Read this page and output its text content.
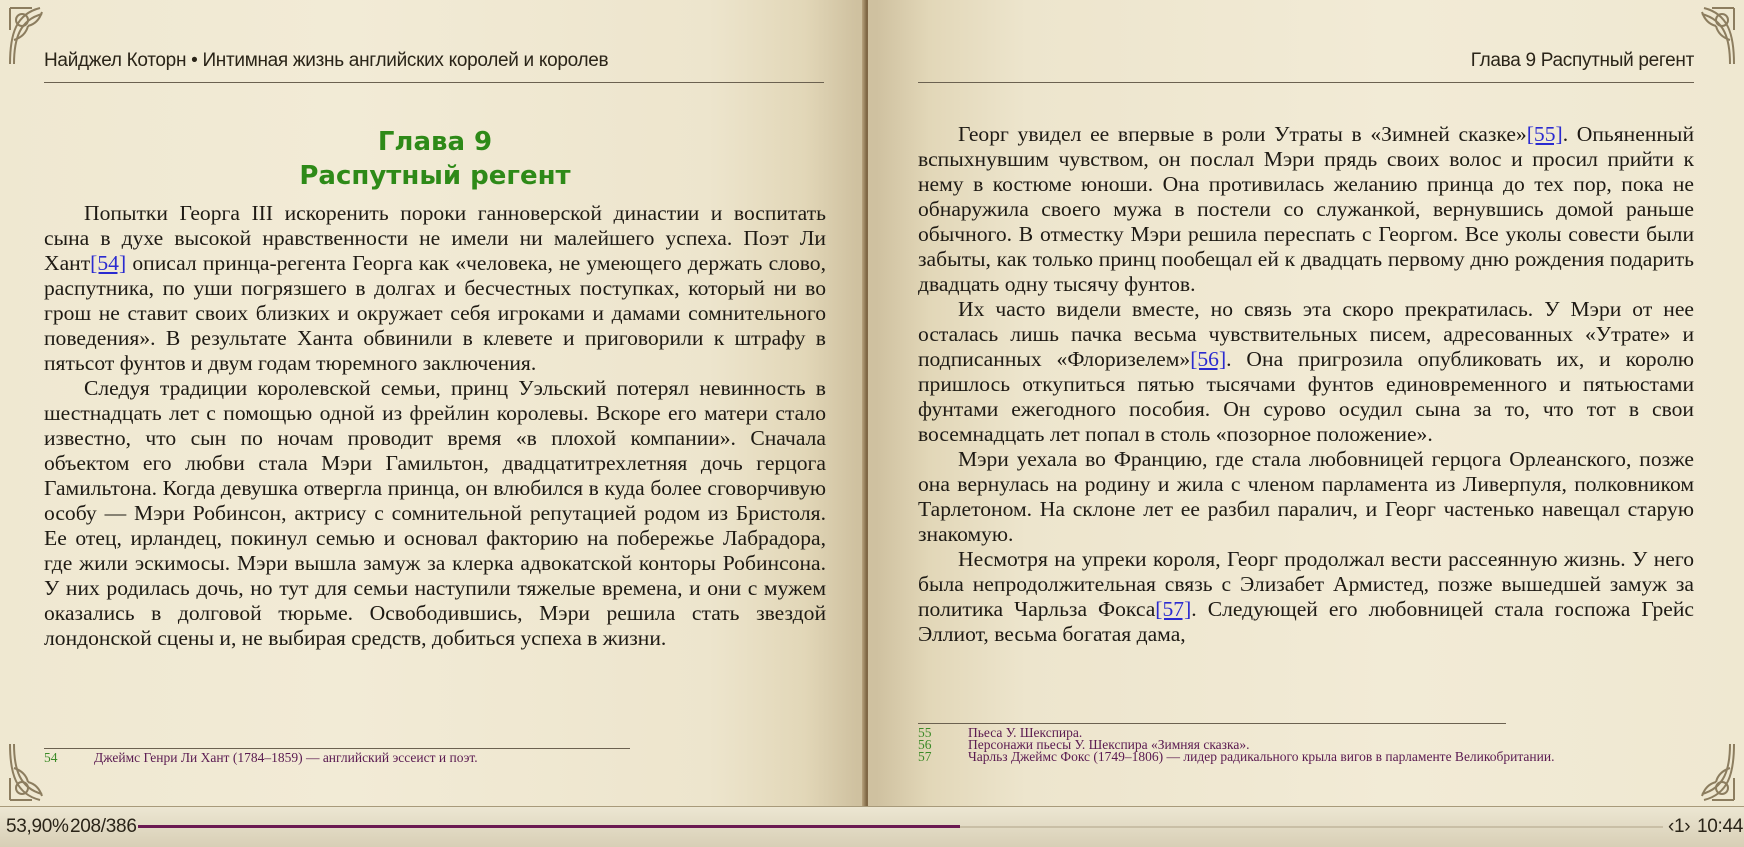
Найджел Которн • Интимная жизнь английских королей и королев
Глава 9
Распутный регент

Попытки Георга III искоренить пороки ганноверской династии и воспитать сына в духе высокой нравственности не имели ни малейшего успеха. Поэт Ли Хант[54] описал принца-регента Георга как «человека, не умеющего держать слово, распутника, по уши погрязшего в долгах и бесчестных поступках, который ни во грош не ставит своих близких и окружает себя игроками и дамами сомнительного поведения». В результате Ханта обвинили в клевете и приговорили к штрафу в пятьсот фунтов и двум годам тюремного заключения.

Следуя традиции королевской семьи, принц Уэльский потерял невинность в шестнадцать лет с помощью одной из фрейлин королевы. Вскоре его матери стало известно, что сын по ночам проводит время «в плохой компании». Сначала объектом его любви стала Мэри Гамильтон, двадцатитрехлетняя дочь герцога Гамильтона. Когда девушка отвергла принца, он влюбился в куда более сговорчивую особу — Мэри Робинсон, актрису с сомнительной репутацией родом из Бристоля. Ее отец, ирландец, покинул семью и основал факторию на побережье Лабрадора, где жили эскимосы. Мэри вышла замуж за клерка адвокатской конторы Робинсона. У них родилась дочь, но тут для семьи наступили тяжелые времена, и они с мужем оказались в долговой тюрьме. Освободившись, Мэри решила стать звездой лондонской сцены и, не выбирая средств, добиться успеха в жизни.

54	Джеймс Генри Ли Хант (1784–1859) — английский эссеист и поэт.
Глава 9 Распутный регент

Георг увидел ее впервые в роли Утраты в «Зимней сказке»[55]. Опьяненный вспыхнувшим чувством, он послал Мэри прядь своих волос и просил прийти к нему в костюме юноши. Она противилась желанию принца до тех пор, пока не обнаружила своего мужа в постели со служанкой, вернувшись домой раньше обычного. В отместку Мэри решила переспать с Георгом. Все уколы совести были забыты, как только принц пообещал ей к двадцать первому дню рождения подарить двадцать одну тысячу фунтов.

Их часто видели вместе, но связь эта скоро прекратилась. У Мэри от нее осталась лишь пачка весьма чувствительных писем, адресованных «Утрате» и подписанных «Флоризелем»[56]. Она пригрозила опубликовать их, и королю пришлось откупиться пятью тысячами фунтов единовременного и пятьюстами фунтами ежегодного пособия. Он сурово осудил сына за то, что тот в свои восемнадцать лет попал в столь «позорное положение».

Мэри уехала во Францию, где стала любовницей герцога Орлеанского, позже она вернулась на родину и жила с членом парламента из Ливерпуля, полковником Тарлетоном. На склоне лет ее разбил паралич, и Георг частенько навещал старую знакомую.

Несмотря на упреки короля, Георг продолжал вести рассеянную жизнь. У него была непродолжительная связь с Элизабет Армистед, позже вышедшей замуж за политика Чарльза Фокса[57]. Следующей его любовницей стала госпожа Грейс Эллиот, весьма богатая дама,

55	Пьеса У. Шекспира.
56	Персонажи пьесы У. Шекспира «Зимняя сказка».
57	Чарльз Джеймс Фокс (1749–1806) — лидер радикального крыла вигов в парламенте Великобритании.
53,90% 208/386	‹1› 10:44
